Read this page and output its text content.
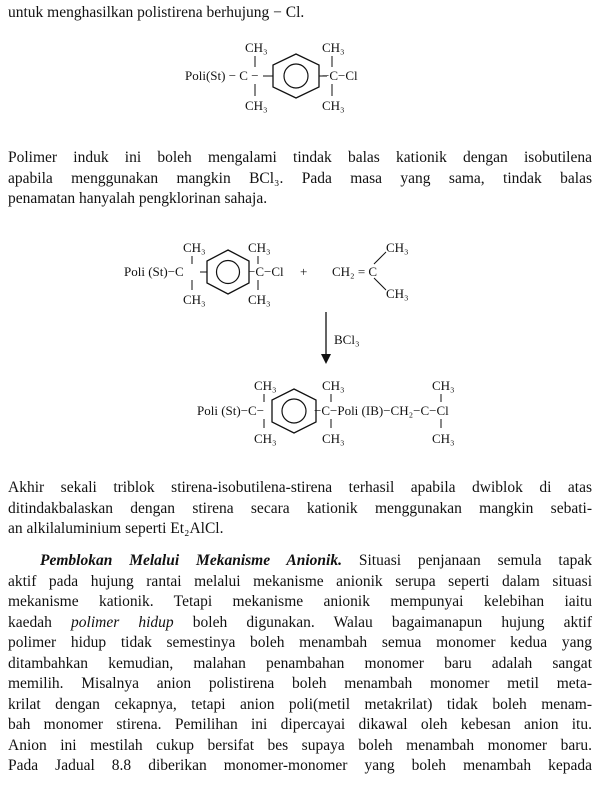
untuk menghasilkan polistirena berhujung − Cl.
Poli(St) − C −
CH₃
CH₃
CH₃
−C−Cl
CH₃
Poli (St)−C
CH₃
CH₃
−C−Cl
CH₃
CH₃
+ CH₂ = C
CH₃
CH₃
BCl₃
Poli (St)−C−
CH₃
CH₃
−C−Poli (IB)−CH₂−C−Cl
CH₃
CH₃
CH₃
CH₃
Polimer induk ini boleh mengalami tindak balas kationik dengan isobutilena
apabila menggunakan mangkin BCl₃. Pada masa yang sama, tindak balas
penamatan hanyalah pengklorinan sahaja.
Akhir sekali triblok stirena-isobutilena-stirena terhasil apabila dwiblok di atas
ditindakbalaskan dengan stirena secara kationik menggunakan mangkin sebati-
an alkilaluminium seperti Et₂AlCl.
Pemblokan Melalui Mekanisme Anionik. Situasi penjanaan semula tapak
aktif pada hujung rantai melalui mekanisme anionik serupa seperti dalam situasi
mekanisme kationik. Tetapi mekanisme anionik mempunyai kelebihan iaitu
kaedah polimer hidup boleh digunakan. Walau bagaimanapun hujung aktif
polimer hidup tidak semestinya boleh menambah semua monomer kedua yang
ditambahkan kemudian, malahan penambahan monomer baru adalah sangat
memilih. Misalnya anion polistirena boleh menambah monomer metil meta-
krilat dengan cekapnya, tetapi anion poli(metil metakrilat) tidak boleh menam-
bah monomer stirena. Pemilihan ini dipercayai dikawal oleh kebesan anion itu.
Anion ini mestilah cukup bersifat bes supaya boleh menambah monomer baru.
Pada Jadual 8.8 diberikan monomer-monomer yang boleh menambah kepada
